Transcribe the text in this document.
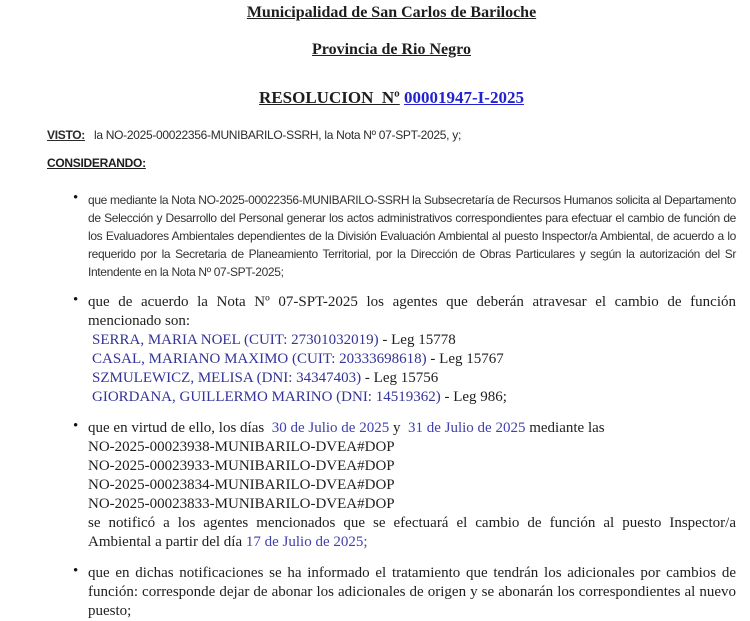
Municipalidad de San Carlos de Bariloche
Provincia de Rio Negro
RESOLUCION  Nº 00001947-I-2025
VISTO: la NO-2025-00022356-MUNIBARILO-SSRH, la Nota Nº 07-SPT-2025, y;
CONSIDERANDO:
• que mediante la Nota NO-2025-00022356-MUNIBARILO-SSRH la Subsecretaría de Recursos Humanos solicita al Departamento de Selección y Desarrollo del Personal generar los actos administrativos correspondientes para efectuar el cambio de función de los Evaluadores Ambientales dependientes de la División Evaluación Ambiental al puesto Inspector/a Ambiental, de acuerdo a lo requerido por la Secretaria de Planeamiento Territorial, por la Dirección de Obras Particulares y según la autorización del Sr Intendente en la Nota Nº 07-SPT-2025;
• que de acuerdo la Nota Nº 07-SPT-2025 los agentes que deberán atravesar el cambio de función mencionado son:
SERRA, MARIA NOEL (CUIT: 27301032019) - Leg 15778
CASAL, MARIANO MAXIMO (CUIT: 20333698618) - Leg 15767
SZMULEWICZ, MELISA (DNI: 34347403) - Leg 15756
GIORDANA, GUILLERMO MARINO (DNI: 14519362) - Leg 986;
• que en virtud de ello, los días  30 de Julio de 2025 y  31 de Julio de 2025 mediante las
NO-2025-00023938-MUNIBARILO-DVEA#DOP
NO-2025-00023933-MUNIBARILO-DVEA#DOP
NO-2025-00023834-MUNIBARILO-DVEA#DOP
NO-2025-00023833-MUNIBARILO-DVEA#DOP
se notificó a los agentes mencionados que se efectuará el cambio de función al puesto Inspector/a Ambiental a partir del día 17 de Julio de 2025;
• que en dichas notificaciones se ha informado el tratamiento que tendrán los adicionales por cambios de función: corresponde dejar de abonar los adicionales de origen y se abonarán los correspondientes al nuevo puesto;
